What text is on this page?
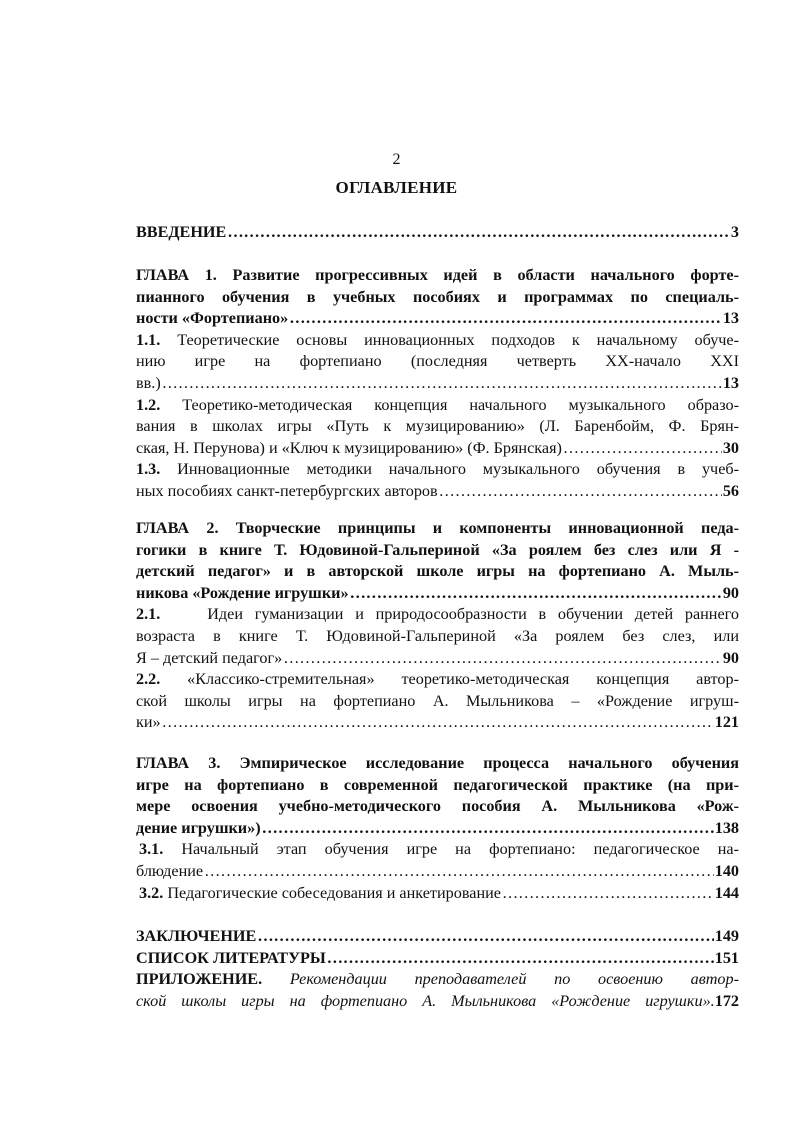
2
ОГЛАВЛЕНИЕ
ВВЕДЕНИЕ ……………………………………………………………………………………………………………………………………	3
ГЛАВА 1. Развитие прогрессивных идей в области начального форте-
пианного обучения в учебных пособиях и программах по специаль-
ности «Фортепиано» ……………………………………………………………………………………………………………………………………	13
1.1. Теоретические основы инновационных подходов к начальному обуче-
нию игре на фортепиано (последняя четверть XX-начало XXI
вв.) ……………………………………………………………………………………………………………………………………	13
1.2. Теоретико-методическая концепция начального музыкального образо-
вания в школах игры «Путь к музицированию» (Л. Баренбойм, Ф. Брян-
ская, Н. Перунова) и «Ключ к музицированию» (Ф. Брянская) ……………………………………………………………………………………………………………………………………	30
1.3. Инновационные методики начального музыкального обучения в учеб-
ных пособиях санкт-петербургских авторов ……………………………………………………………………………………………………………………………………	56
ГЛАВА 2. Творческие принципы и компоненты инновационной педа-
гогики в книге Т. Юдовиной-Гальпериной «За роялем без слез или Я -
детский педагог» и в авторской школе игры на фортепиано А. Мыль-
никова «Рождение игрушки» ……………………………………………………………………………………………………………………………………	90
2.1.	Идеи гуманизации и природосообразности в обучении детей раннего
возраста в книге Т. Юдовиной-Гальпериной «За роялем без слез, или
Я – детский педагог» ……………………………………………………………………………………………………………………………………	90
2.2. «Классико-стремительная» теоретико-методическая концепция автор-
ской школы игры на фортепиано А. Мыльникова – «Рождение игруш-
ки» ……………………………………………………………………………………………………………………………………	121
ГЛАВА 3. Эмпирическое исследование процесса начального обучения
игре на фортепиано в современной педагогической практике (на при-
мере освоения учебно-методического пособия А. Мыльникова «Рож-
дение игрушки») ……………………………………………………………………………………………………………………………………	138
3.1. Начальный этап обучения игре на фортепиано: педагогическое на-
блюдение ……………………………………………………………………………………………………………………………………	140
3.2. Педагогические собеседования и анкетирование ……………………………………………………………………………………………………………………………………	144
ЗАКЛЮЧЕНИЕ ……………………………………………………………………………………………………………………………………	149
СПИСОК ЛИТЕРАТУРЫ ……………………………………………………………………………………………………………………………………	151
ПРИЛОЖЕНИЕ. Рекомендации преподавателей по освоению автор-
ской школы игры на фортепиано А. Мыльникова «Рождение игрушки».172
